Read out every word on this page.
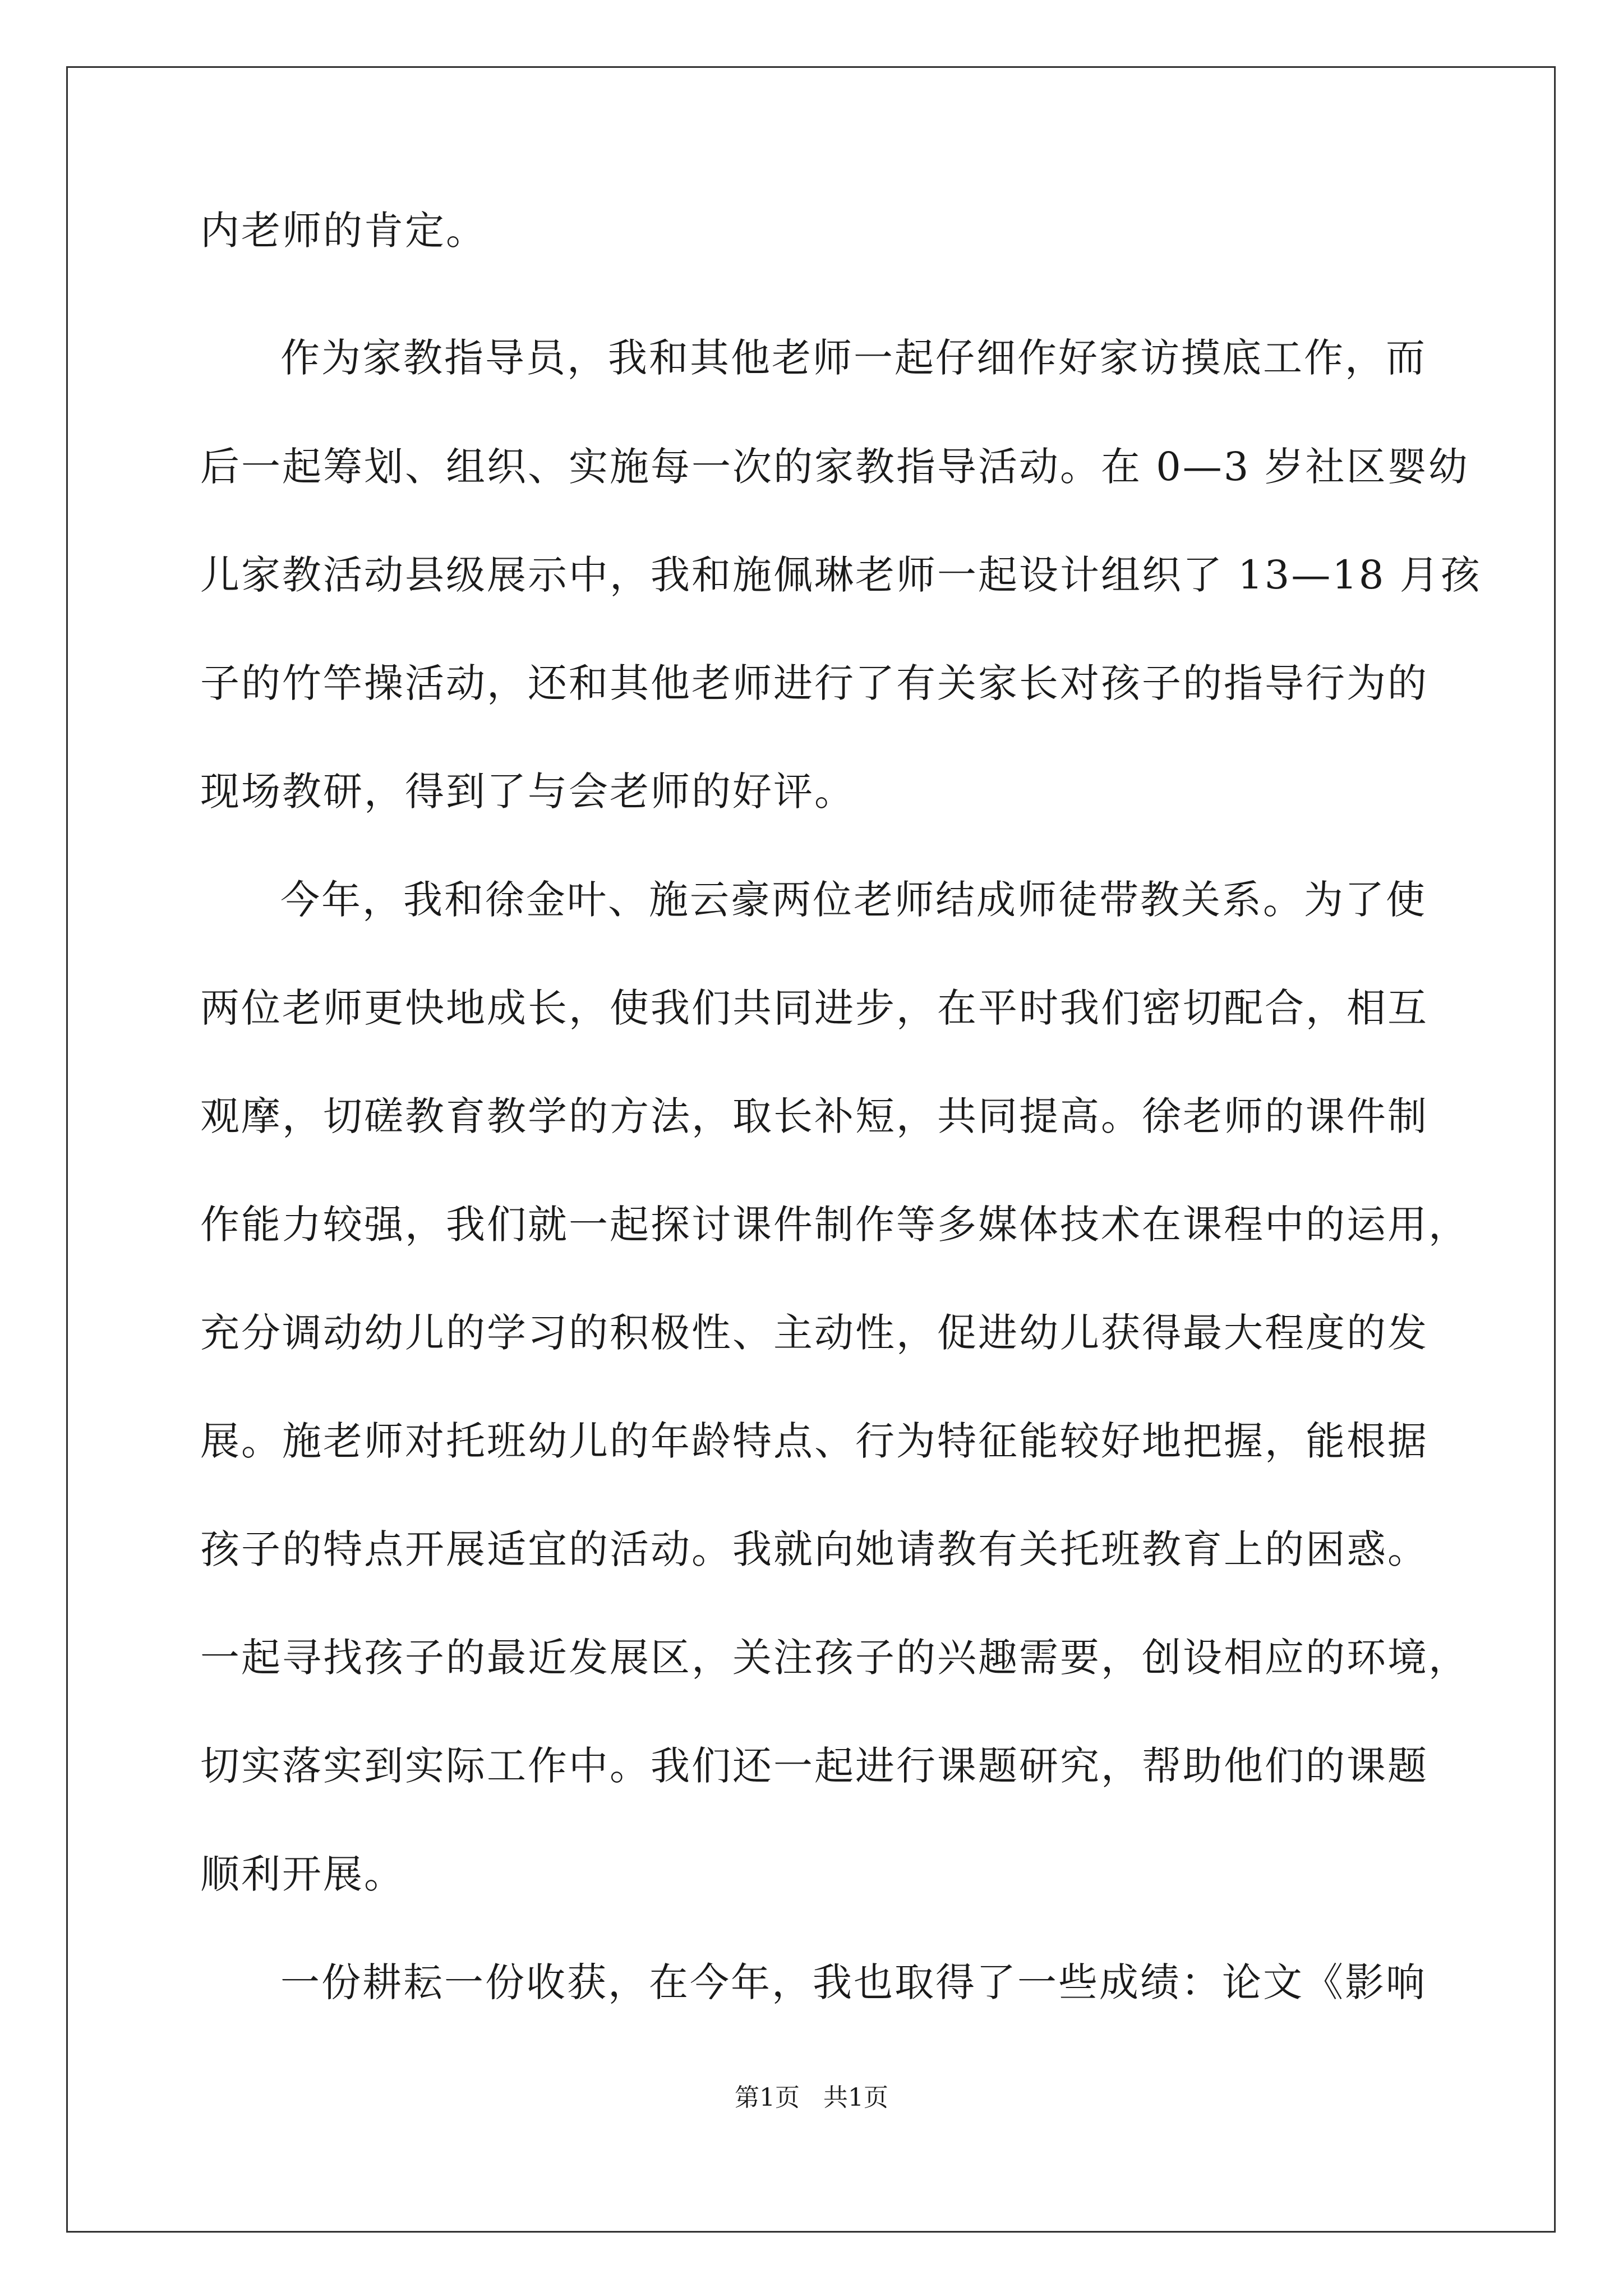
内老师的肯定。
作为家教指导员，我和其他老师一起仔细作好家访摸底工作，而
后一起筹划、组织、实施每一次的家教指导活动。在 0—3 岁社区婴幼
儿家教活动县级展示中，我和施佩琳老师一起设计组织了 13—18 月孩
子的竹竿操活动，还和其他老师进行了有关家长对孩子的指导行为的
现场教研，得到了与会老师的好评。
今年，我和徐金叶、施云豪两位老师结成师徒带教关系。为了使
两位老师更快地成长，使我们共同进步，在平时我们密切配合，相互
观摩，切磋教育教学的方法，取长补短，共同提高。徐老师的课件制
作能力较强，我们就一起探讨课件制作等多媒体技术在课程中的运用，
充分调动幼儿的学习的积极性、主动性，促进幼儿获得最大程度的发
展。施老师对托班幼儿的年龄特点、行为特征能较好地把握，能根据
孩子的特点开展适宜的活动。我就向她请教有关托班教育上的困惑。
一起寻找孩子的最近发展区，关注孩子的兴趣需要，创设相应的环境，
切实落实到实际工作中。我们还一起进行课题研究，帮助他们的课题
顺利开展。
一份耕耘一份收获，在今年，我也取得了一些成绩：论文《影响
第1页   共1页
